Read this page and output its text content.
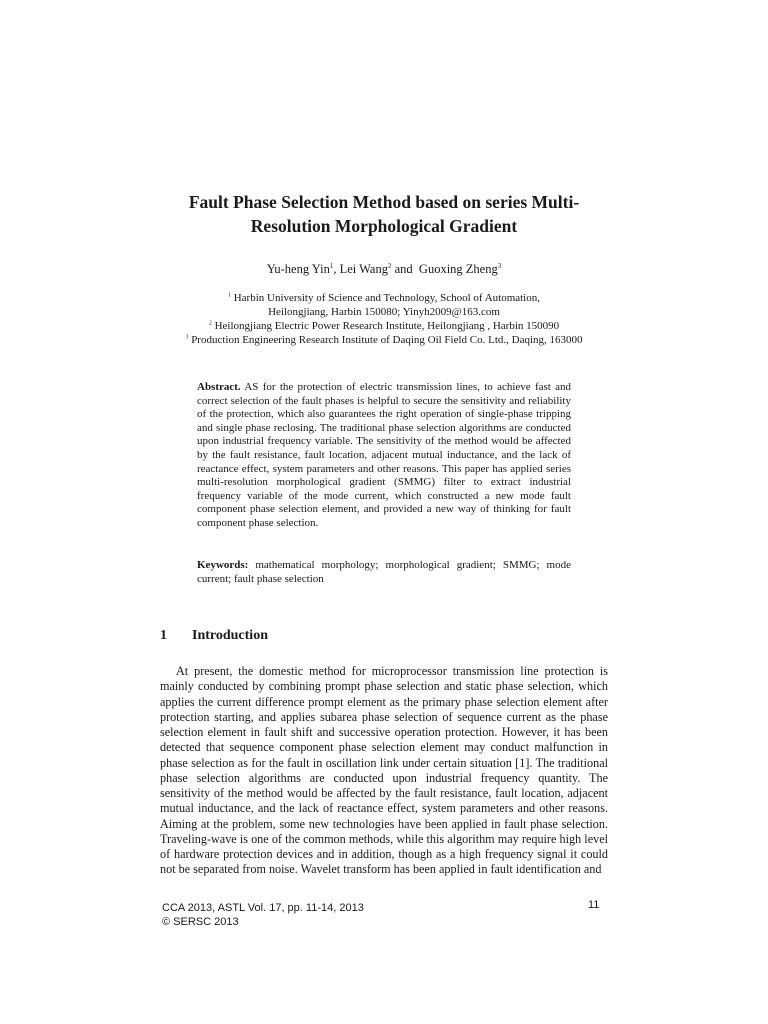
Fault Phase Selection Method based on series Multi-
Resolution Morphological Gradient
Yu-heng Yin$^1$, Lei Wang$^2$ and  Guoxing Zheng$^3$
$^1$ Harbin University of Science and Technology, School of Automation,
Heilongjiang, Harbin 150080; Yinyh2009@163.com
$^2$ Heilongjiang Electric Power Research Institute, Heilongjiang , Harbin 150090
$^3$ Production Engineering Research Institute of Daqing Oil Field Co. Ltd., Daqing, 163000
Abstract. AS for the protection of electric transmission lines, to achieve fast and correct selection of the fault phases is helpful to secure the sensitivity and reliability of the protection, which also guarantees the right operation of single-phase tripping and single phase reclosing. The traditional phase selection algorithms are conducted upon industrial frequency variable. The sensitivity of the method would be affected by the fault resistance, fault location, adjacent mutual inductance, and the lack of reactance effect, system parameters and other reasons. This paper has applied series multi-resolution morphological gradient (SMMG) filter to extract industrial frequency variable of the mode current, which constructed a new mode fault component phase selection element, and provided a new way of thinking for fault component phase selection.
Keywords: mathematical morphology; morphological gradient; SMMG; mode current; fault phase selection
1 Introduction
At present, the domestic method for microprocessor transmission line protection is mainly conducted by combining prompt phase selection and static phase selection, which applies the current difference prompt element as the primary phase selection element after protection starting, and applies subarea phase selection of sequence current as the phase selection element in fault shift and successive operation protection. However, it has been detected that sequence component phase selection element may conduct malfunction in phase selection as for the fault in oscillation link under certain situation [1]. The traditional phase selection algorithms are conducted upon industrial frequency quantity. The sensitivity of the method would be affected by the fault resistance, fault location, adjacent mutual inductance, and the lack of reactance effect, system parameters and other reasons. Aiming at the problem, some new technologies have been applied in fault phase selection. Traveling-wave is one of the common methods, while this algorithm may require high level of hardware protection devices and in addition, though as a high frequency signal it could not be separated from noise. Wavelet transform has been applied in fault identification and
CCA 2013, ASTL Vol. 17, pp. 11-14, 2013
© SERSC 2013
11
